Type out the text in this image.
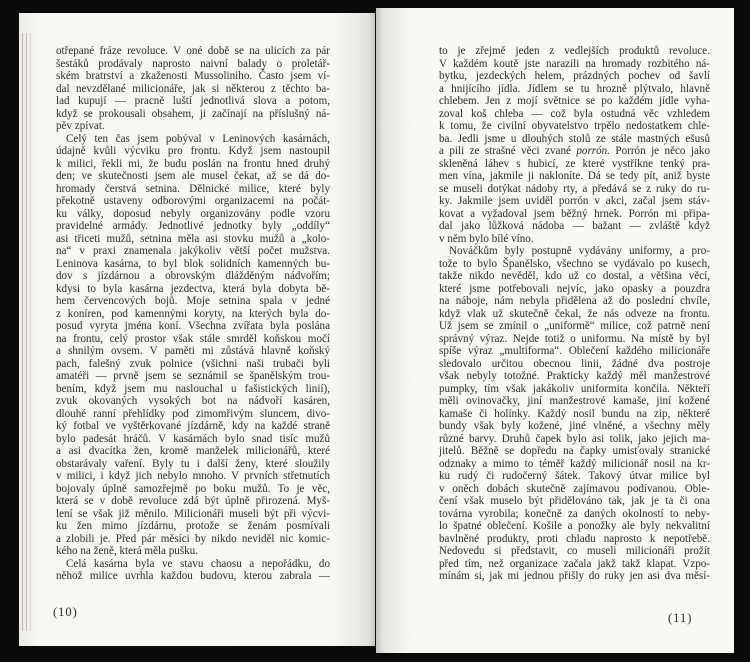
otřepané fráze revoluce. V oné době se na ulicích za pár
šestáků prodávaly naprosto naivní balady o proletář-
ském bratrství a zkaženosti Mussoliniho. Často jsem ví-
dal nevzdělané milicionáře, jak si některou z těchto ba-
lad kupují — pracně luští jednotlivá slova a potom,
když se prokousali obsahem, ji začínají na příslušný ná-
pěv zpívat.
Celý ten čas jsem pobýval v Leninových kasárnách,
údajně kvůli výcviku pro frontu. Když jsem nastoupil
k milici, řekli mi, že budu poslán na frontu hned druhý
den; ve skutečnosti jsem ale musel čekat, až se dá do-
hromady čerstvá setnina. Dělnické milice, které byly
překotně ustaveny odborovými organizacemi na počát-
ku války, doposud nebyly organizovány podle vzoru
pravidelné armády. Jednotlivé jednotky byly „oddíly“
asi třiceti mužů, setnina měla asi stovku mužů a „kolo-
na“ v praxi znamenala jakýkoliv větší počet mužstva.
Leninova kasárna, to byl blok solidních kamenných bu-
dov s jízdárnou a obrovským dlážděným nádvořím;
kdysi to byla kasárna jezdectva, která byla dobyta bě-
hem červencových bojů. Moje setnina spala v jedné
z koníren, pod kamennými koryty, na kterých byla do-
posud vyryta jména koní. Všechna zvířata byla poslána
na frontu, celý prostor však stále smrděl koňskou močí
a shnilým ovsem. V paměti mi zůstává hlavně koňský
pach, falešný zvuk polnice (všichni naši trubači byli
amatéři — prvně jsem se seznámil se španělským trou-
bením, když jsem mu naslouchal u fašistických linií),
zvuk okovaných vysokých bot na nádvoří kasáren,
dlouhé ranní přehlídky pod zimomřivým sluncem, divo-
ký fotbal ve vyštěrkované jízdárně, kdy na každé straně
bylo padesát hráčů. V kasárnách bylo snad tisíc mužů
a asi dvacítka žen, kromě manželek milicionářů, které
obstarávaly vaření. Byly tu i další ženy, které sloužily
v milici, i když jich nebylo mnoho. V prvních střetnutích
bojovaly úplně samozřejmě po boku mužů. To je věc,
která se v době revoluce zdá být úplně přirozená. Myš-
lení se však již měnilo. Milicionáři museli být při výcvi-
ku žen mimo jízdárnu, protože se ženám posmívali
a zlobili je. Před pár měsíci by nikdo neviděl nic komic-
kého na ženě, která měla pušku.
Celá kasárna byla ve stavu chaosu a nepořádku, do
něhož milice uvrhla každou budovu, kterou zabrala —
(10)
to je zřejmě jeden z vedlejších produktů revoluce.
V každém koutě jste narazili na hromady rozbitého ná-
bytku, jezdeckých helem, prázdných pochev od šavlí
a hnijícího jídla. Jídlem se tu hrozně plýtvalo, hlavně
chlebem. Jen z mojí světnice se po každém jídle vyha-
zoval koš chleba — což byla ostudná věc vzhledem
k tomu, že civilní obyvatelstvo trpělo nedostatkem chle-
ba. Jedli jsme u dlouhých stolů ze stále mastných ešusů
a pili ze strašné věci zvané porrón. Porrón je něco jako
skleněná láhev s hubicí, ze které vystříkne tenký pra-
men vína, jakmile ji nakloníte. Dá se tedy pít, aniž byste
se museli dotýkat nádoby rty, a předává se z ruky do ru-
ky. Jakmile jsem uviděl porrón v akci, začal jsem stáv-
kovat a vyžadoval jsem běžný hrnek. Porrón mi připa-
dal jako lůžková nádoba — bažant — zvláště když
v něm bylo bílé víno.
Nováčkům byly postupně vydávány uniformy, a pro-
tože to bylo Španělsko, všechno se vydávalo po kusech,
takže nikdo nevěděl, kdo už co dostal, a většina věcí,
které jsme potřebovali nejvíc, jako opasky a pouzdra
na náboje, nám nebyla přidělena až do poslední chvíle,
když vlak už skutečně čekal, že nás odveze na frontu.
Už jsem se zmínil o „uniformě“ milice, což patrně není
správný výraz. Nejde totiž o uniformu. Na místě by byl
spíše výraz „multiforma“. Oblečení každého milicionáře
sledovalo určitou obecnou linii, žádné dva postroje
však nebyly totožné. Prakticky každý měl manžestrové
pumpky, tím však jakákoliv uniformita končila. Někteří
měli ovinovačky, jiní manžestrové kamaše, jiní kožené
kamaše či holínky. Každý nosil bundu na zip, některé
bundy však byly kožené, jiné vlněné, a všechny měly
různé barvy. Druhů čapek bylo asi tolik, jako jejich ma-
jitelů. Běžně se dopředu na čapky umisťovaly stranické
odznaky a mimo to téměř každý milicionář nosil na kr-
ku rudý či rudočerný šátek. Takový útvar milice byl
v oněch dobách skutečně zajímavou podívanou. Oble-
čení však muselo být přidělováno tak, jak je ta či ona
továrna vyrobila; konečně za daných okolností to neby-
lo špatné oblečení. Košile a ponožky ale byly nekvalitní
bavlněné produkty, proti chladu naprosto k nepotřebě.
Nedovedu si představit, co museli milicionáři prožít
před tím, než organizace začala jakž takž klapat. Vzpo-
mínám si, jak mi jednou přišly do ruky jen asi dva měsí-
(11)
